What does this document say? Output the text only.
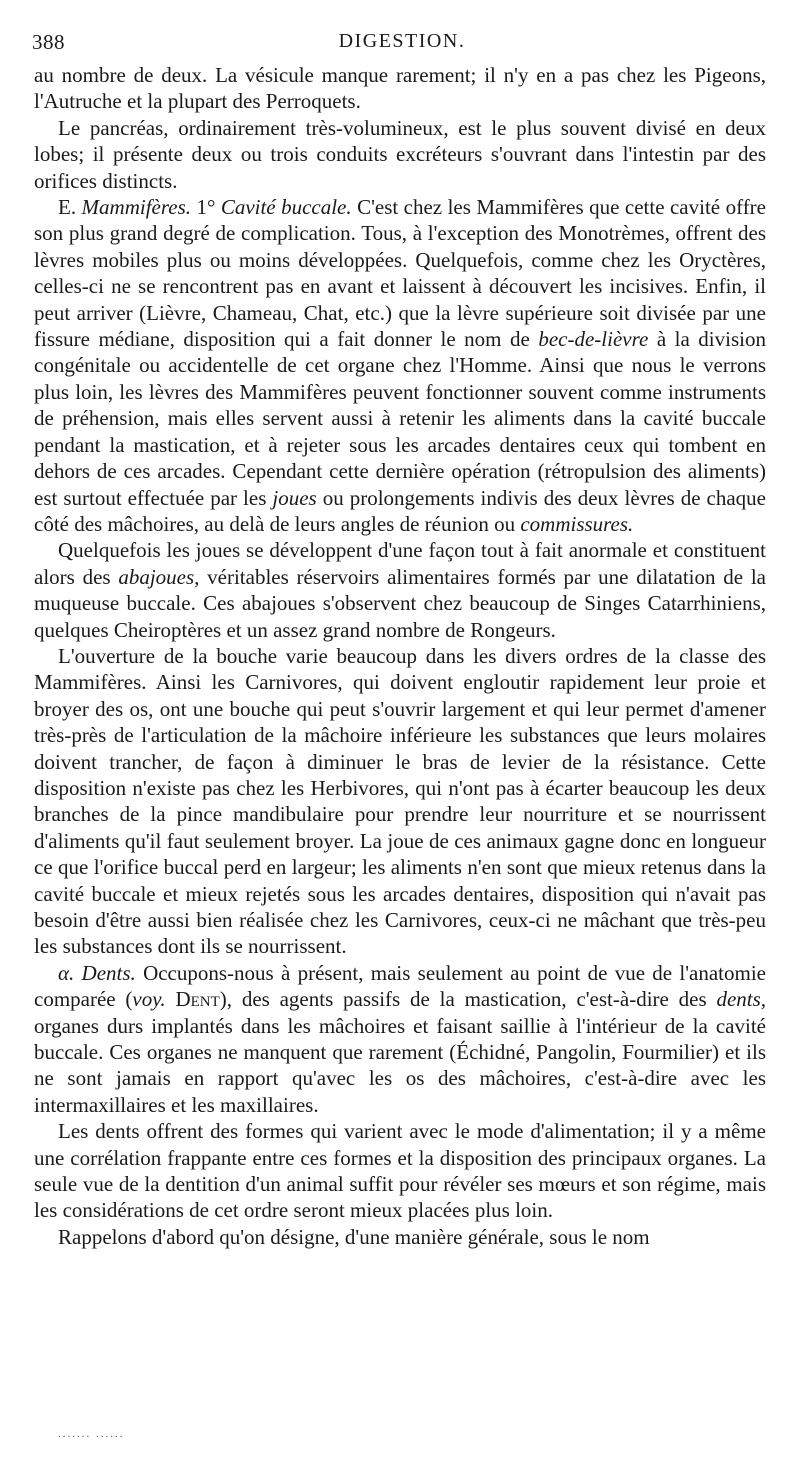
388	DIGESTION.

au nombre de deux. La vésicule manque rarement; il n'y en a pas chez les Pigeons, l'Autruche et la plupart des Perroquets.

Le pancréas, ordinairement très-volumineux, est le plus souvent divisé en deux lobes; il présente deux ou trois conduits excréteurs s'ouvrant dans l'intestin par des orifices distincts.

E. Mammifères. 1° Cavité buccale. C'est chez les Mammifères que cette cavité offre son plus grand degré de complication. Tous, à l'exception des Monotrèmes, offrent des lèvres mobiles plus ou moins développées. Quelquefois, comme chez les Oryctères, celles-ci ne se rencontrent pas en avant et laissent à découvert les incisives. Enfin, il peut arriver (Lièvre, Chameau, Chat, etc.) que la lèvre supérieure soit divisée par une fissure médiane, disposition qui a fait donner le nom de bec-de-lièvre à la division congénitale ou accidentelle de cet organe chez l'Homme. Ainsi que nous le verrons plus loin, les lèvres des Mammifères peuvent fonctionner souvent comme instruments de préhension, mais elles servent aussi à retenir les aliments dans la cavité buccale pendant la mastication, et à rejeter sous les arcades dentaires ceux qui tombent en dehors de ces arcades. Cependant cette dernière opération (rétropulsion des aliments) est surtout effectuée par les joues ou prolongements indivis des deux lèvres de chaque côté des mâchoires, au delà de leurs angles de réunion ou commissures.

Quelquefois les joues se développent d'une façon tout à fait anormale et constituent alors des abajoues, véritables réservoirs alimentaires formés par une dilatation de la muqueuse buccale. Ces abajoues s'observent chez beaucoup de Singes Catarrhiniens, quelques Cheiroptères et un assez grand nombre de Rongeurs.

L'ouverture de la bouche varie beaucoup dans les divers ordres de la classe des Mammifères. Ainsi les Carnivores, qui doivent engloutir rapidement leur proie et broyer des os, ont une bouche qui peut s'ouvrir largement et qui leur permet d'amener très-près de l'articulation de la mâchoire inférieure les substances que leurs molaires doivent trancher, de façon à diminuer le bras de levier de la résistance. Cette disposition n'existe pas chez les Herbivores, qui n'ont pas à écarter beaucoup les deux branches de la pince mandibulaire pour prendre leur nourriture et se nourrissent d'aliments qu'il faut seulement broyer. La joue de ces animaux gagne donc en longueur ce que l'orifice buccal perd en largeur; les aliments n'en sont que mieux retenus dans la cavité buccale et mieux rejetés sous les arcades dentaires, disposition qui n'avait pas besoin d'être aussi bien réalisée chez les Carnivores, ceux-ci ne mâchant que très-peu les substances dont ils se nourrissent.

α. Dents. Occupons-nous à présent, mais seulement au point de vue de l'anatomie comparée (voy. Dent), des agents passifs de la mastication, c'est-à-dire des dents, organes durs implantés dans les mâchoires et faisant saillie à l'intérieur de la cavité buccale. Ces organes ne manquent que rarement (Échidné, Pangolin, Fourmilier) et ils ne sont jamais en rapport qu'avec les os des mâchoires, c'est-à-dire avec les intermaxillaires et les maxillaires.

Les dents offrent des formes qui varient avec le mode d'alimentation; il y a même une corrélation frappante entre ces formes et la disposition des principaux organes. La seule vue de la dentition d'un animal suffit pour révéler ses mœurs et son régime, mais les considérations de cet ordre seront mieux placées plus loin.

Rappelons d'abord qu'on désigne, d'une manière générale, sous le nom

....... ......
